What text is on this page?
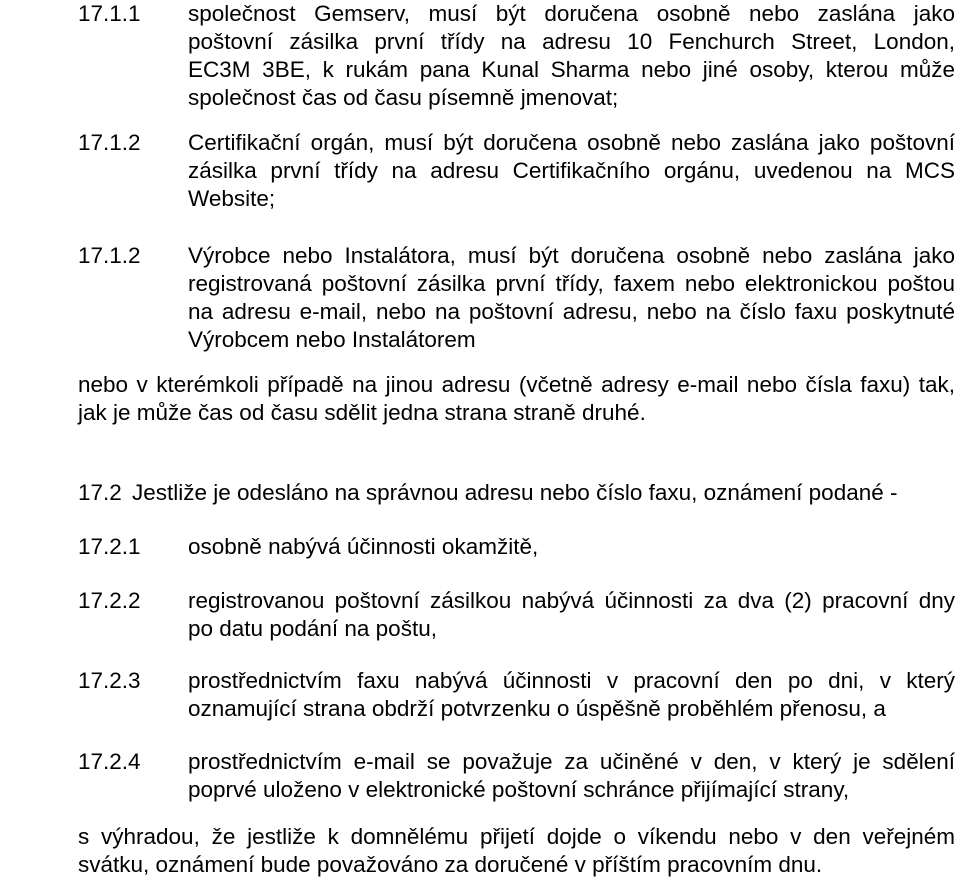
17.1.1 společnost Gemserv, musí být doručena osobně nebo zaslána jako
poštovní zásilka první třídy na adresu 10 Fenchurch Street, London,
EC3M 3BE, k rukám pana Kunal Sharma nebo jiné osoby, kterou může
společnost čas od času písemně jmenovat;
17.1.2 Certifikační orgán, musí být doručena osobně nebo zaslána jako poštovní
zásilka první třídy na adresu Certifikačního orgánu, uvedenou na MCS
Website;
17.1.2 Výrobce nebo Instalátora, musí být doručena osobně nebo zaslána jako
registrovaná poštovní zásilka první třídy, faxem nebo elektronickou poštou
na adresu e-mail, nebo na poštovní adresu, nebo na číslo faxu poskytnuté
Výrobcem nebo Instalátorem
nebo v kterémkoli případě na jinou adresu (včetně adresy e-mail nebo čísla faxu) tak,
jak je může čas od času sdělit jedna strana straně druhé.
17.2 Jestliže je odesláno na správnou adresu nebo číslo faxu, oznámení podané -
17.2.1 osobně nabývá účinnosti okamžitě,
17.2.2 registrovanou poštovní zásilkou nabývá účinnosti za dva (2) pracovní dny
po datu podání na poštu,
17.2.3 prostřednictvím faxu nabývá účinnosti v pracovní den po dni, v který
oznamující strana obdrží potvrzenku o úspěšně proběhlém přenosu, a
17.2.4 prostřednictvím e-mail se považuje za učiněné v den, v který je sdělení
poprvé uloženo v elektronické poštovní schránce přijímající strany,
s výhradou, že jestliže k domnělému přijetí dojde o víkendu nebo v den veřejném
svátku, oznámení bude považováno za doručené v příštím pracovním dnu.
